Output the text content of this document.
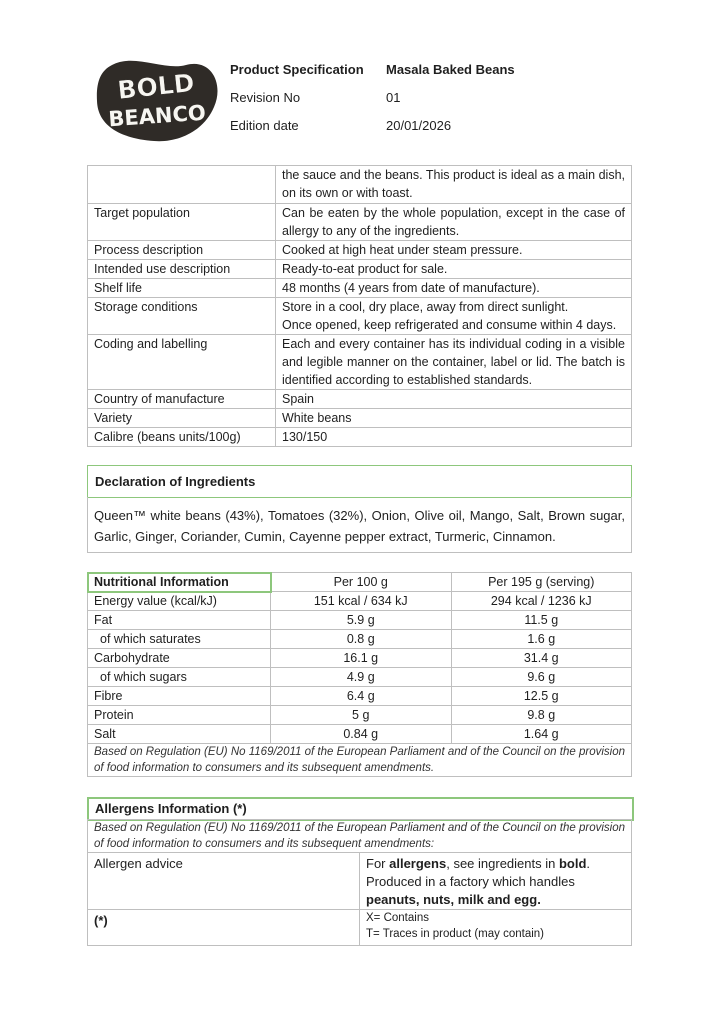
BOLD
BEANCO
Product Specification Masala Baked Beans
Revision No	01
Edition date	20/01/2026
	the sauce and the beans. This product is ideal as a main dish, on its own or with toast.
Target population	Can be eaten by the whole population, except in the case of allergy to any of the ingredients.
Process description	Cooked at high heat under steam pressure.
Intended use description	Ready-to-eat product for sale.
Shelf life	48 months (4 years from date of manufacture).
Storage conditions	Store in a cool, dry place, away from direct sunlight.
Once opened, keep refrigerated and consume within 4 days.

Coding and labelling	Each and every container has its individual coding in a visible and legible manner on the container, label or lid. The batch is identified according to established standards.
Country of manufacture	Spain
Variety	White beans
Calibre (beans units/100g)	130/150
Declaration of Ingredients

Queen™ white beans (43%), Tomatoes (32%), Onion, Olive oil, Mango, Salt, Brown sugar, Garlic, Ginger, Coriander, Cumin, Cayenne pepper extract, Turmeric, Cinnamon.

Nutritional Information	Per 100 g	Per 195 g (serving)
Energy value (kcal/kJ)	151 kcal / 634 kJ	294 kcal / 1236 kJ
Fat	5.9 g	11.5 g
of which saturates	0.8 g	1.6 g
Carbohydrate	16.1 g	31.4 g
of which sugars	4.9 g	9.6 g
Fibre	6.4 g	12.5 g
Protein	5 g	9.8 g
Salt	0.84 g	1.64 g
Based on Regulation (EU) No 1169/2011 of the European Parliament and of the Council on the provision of food information to consumers and its subsequent amendments.		
Allergens Information (*)
Based on Regulation (EU) No 1169/2011 of the European Parliament and of the Council on the provision of food information to consumers and its subsequent amendments:	
Allergen advice	For allergens, see ingredients in bold. Produced in a factory which handles peanuts, nuts, milk and egg.
(*)	X= Contains
T= Traces in product (may contain)
